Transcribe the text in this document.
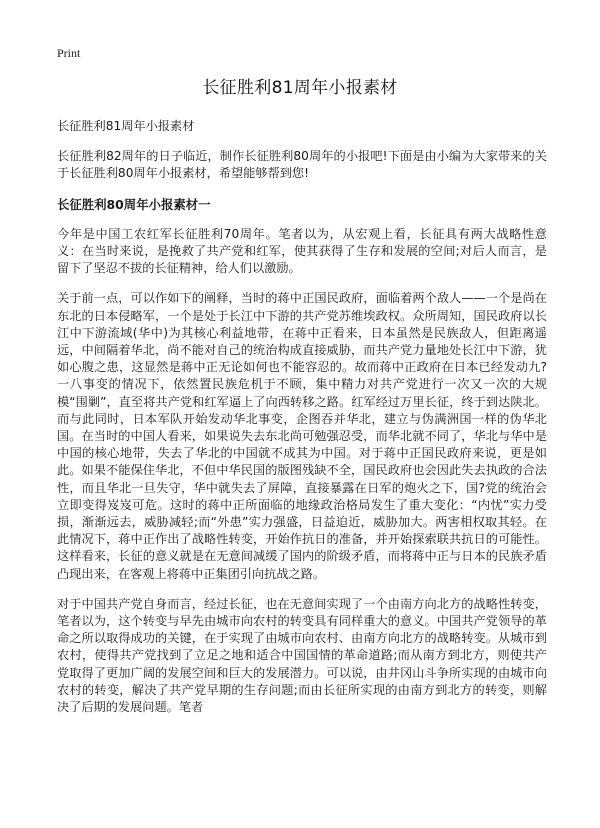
Print
长征胜利81周年小报素材

长征胜利81周年小报素材

长征胜利82周年的日子临近，制作长征胜利80周年的小报吧!下面是由小编为大家带来的关于长征胜利80周年小报素材，希望能够帮到您!

长征胜利80周年小报素材一

今年是中国工农红军长征胜利70周年。笔者以为，从宏观上看，长征具有两大战略性意义：在当时来说，是挽救了共产党和红军，使其获得了生存和发展的空间;对后人而言，是留下了坚忍不拔的长征精神，给人们以激励。

关于前一点，可以作如下的阐释，当时的蒋中正国民政府，面临着两个敌人——一个是尚在东北的日本侵略军，一个是处于长江中下游的共产党苏维埃政权。众所周知，国民政府以长江中下游流域(华中)为其核心利益地带，在蒋中正看来，日本虽然是民族敌人，但距离遥远，中间隔着华北，尚不能对自己的统治构成直接威胁，而共产党力量地处长江中下游，犹如心腹之患，这显然是蒋中正无论如何也不能容忍的。故而蒋中正政府在日本已经发动九?一八事变的情况下，依然置民族危机于不顾，集中精力对共产党进行一次又一次的大规模“围剿”，直至将共产党和红军逼上了向西转移之路。红军经过万里长征，终于到达陕北。而与此同时，日本军队开始发动华北事变，企图吞并华北，建立与伪满洲国一样的伪华北国。在当时的中国人看来，如果说失去东北尚可勉强忍受，而华北就不同了，华北与华中是中国的核心地带，失去了华北的中国就不成其为中国。对于蒋中正国民政府来说，更是如此。如果不能保住华北，不但中华民国的版图残缺不全，国民政府也会因此失去执政的合法性，而且华北一旦失守，华中就失去了屏障，直接暴露在日军的炮火之下，国?党的统治会立即变得岌岌可危。这时的蒋中正所面临的地缘政治格局发生了重大变化：“内忧”实力受损，渐渐远去，威胁减轻;而“外患”实力强盛，日益迫近，威胁加大。两害相权取其轻。在此情况下，蒋中正作出了战略性转变，开始作抗日的准备，并开始探索联共抗日的可能性。这样看来，长征的意义就是在无意间减缓了国内的阶级矛盾，而将蒋中正与日本的民族矛盾凸现出来，在客观上将蒋中正集团引向抗战之路。

对于中国共产党自身而言，经过长征，也在无意间实现了一个由南方向北方的战略性转变，笔者以为，这个转变与早先由城市向农村的转变具有同样重大的意义。中国共产党领导的革命之所以取得成功的关键，在于实现了由城市向农村、由南方向北方的战略转变。从城市到农村，使得共产党找到了立足之地和适合中国国情的革命道路;而从南方到北方，则使共产党取得了更加广阔的发展空间和巨大的发展潜力。可以说，由井冈山斗争所实现的由城市向农村的转变，解决了共产党早期的生存问题;而由长征所实现的由南方到北方的转变，则解决了后期的发展问题。笔者
